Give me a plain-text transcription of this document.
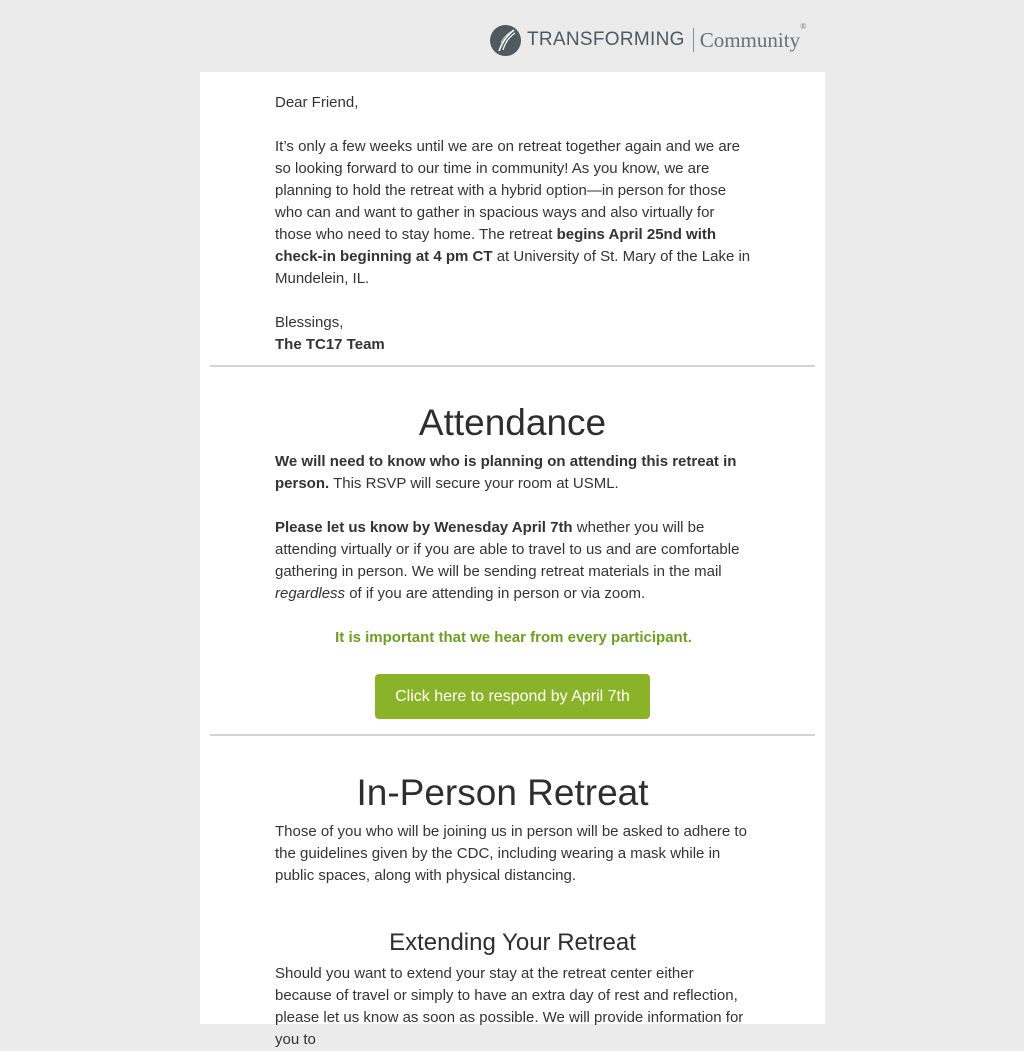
TRANSFORMING Community®

Dear Friend,

It’s only a few weeks until we are on retreat together again and we are so looking forward to our time in community! As you know, we are planning to hold the retreat with a hybrid option—in person for those who can and want to gather in spacious ways and also virtually for those who need to stay home. The retreat begins April 25nd with check-in beginning at 4 pm CT at University of St. Mary of the Lake in Mundelein, IL.

Blessings,

The TC17 Team

Attendance

We will need to know who is planning on attending this retreat in person. This RSVP will secure your room at USML.

Please let us know by Wenesday April 7th whether you will be attending virtually or if you are able to travel to us and are comfortable gathering in person. We will be sending retreat materials in the mail regardless of if you are attending in person or via zoom.

It is important that we hear from every participant.

Click here to respond by April 7th
In-Person Retreat

Those of you who will be joining us in person will be asked to adhere to the guidelines given by the CDC, including wearing a mask while in public spaces, along with physical distancing.

Extending Your Retreat

Should you want to extend your stay at the retreat center either because of travel or simply to have an extra day of rest and reflection, please let us know as soon as possible. We will provide information for you to
